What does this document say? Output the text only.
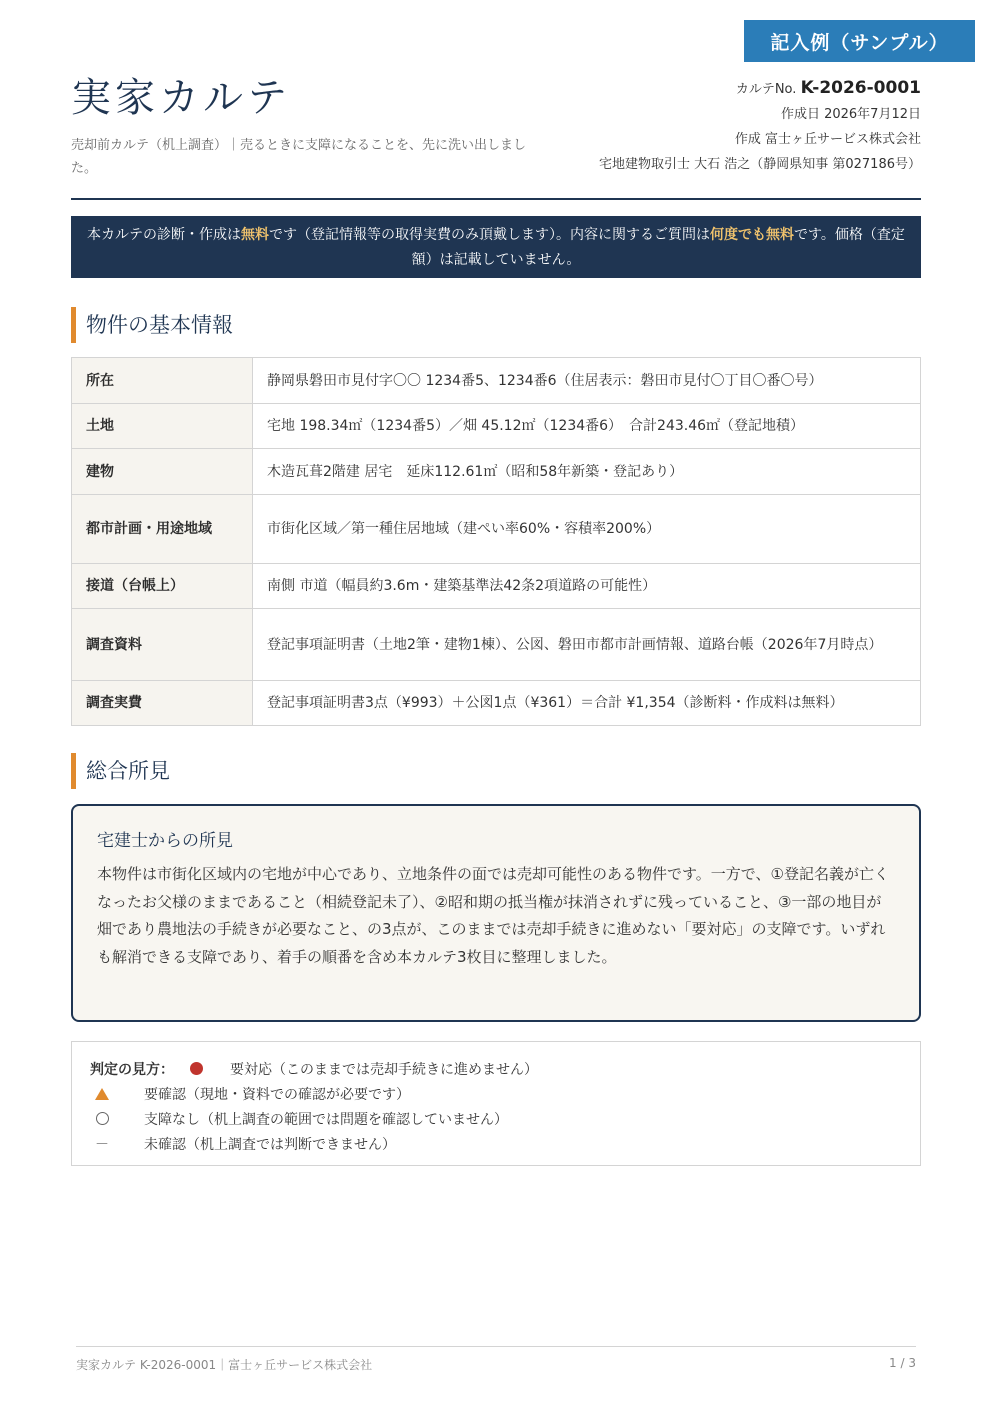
記入例（サンプル）
実家カルテ
売却前カルテ（机上調査）｜売るときに支障になることを、先に洗い出しました。
カルテNo. K-2026-0001
作成日 2026年7月12日
作成 富士ヶ丘サービス株式会社
宅地建物取引士 大石 浩之（静岡県知事 第027186号）
本カルテの診断・作成は無料です（登記情報等の取得実費のみ頂戴します）。内容に関するご質問は何度でも無料です。価格（査定額）は記載していません。
物件の基本情報
所在	静岡県磐田市見付字〇〇 1234番5、1234番6（住居表示：磐田市見付〇丁目〇番〇号）
土地	宅地 198.34㎡（1234番5）／畑 45.12㎡（1234番6）　合計243.46㎡（登記地積）
建物	木造瓦葺2階建 居宅　延床112.61㎡（昭和58年新築・登記あり）
都市計画・用途地域	市街化区域／第一種住居地域（建ぺい率60%・容積率200%）
接道（台帳上）	南側 市道（幅員約3.6m・建築基準法42条2項道路の可能性）
調査資料	登記事項証明書（土地2筆・建物1棟）、公図、磐田市都市計画情報、道路台帳（2026年7月時点）
調査実費	登記事項証明書3点（¥993）＋公図1点（¥361）＝合計 ¥1,354（診断料・作成料は無料）
総合所見
宅建士からの所見

本物件は市街化区域内の宅地が中心であり、立地条件の面では売却可能性のある物件です。一方で、①登記名義が亡くなったお父様のままであること（相続登記未了）、②昭和期の抵当権が抹消されずに残っていること、③一部の地目が畑であり農地法の手続きが必要なこと、の3点が、このままでは売却手続きに進めない「要対応」の支障です。いずれも解消できる支障であり、着手の順番を含め本カルテ3枚目に整理しました。

判定の見方：	要対応（このままでは売却手続きに進めません）
要確認（現地・資料での確認が必要です）
支障なし（机上調査の範囲では問題を確認していません）
－	未確認（机上調査では判断できません）
実家カルテ K-2026-0001｜富士ヶ丘サービス株式会社	1 / 3
